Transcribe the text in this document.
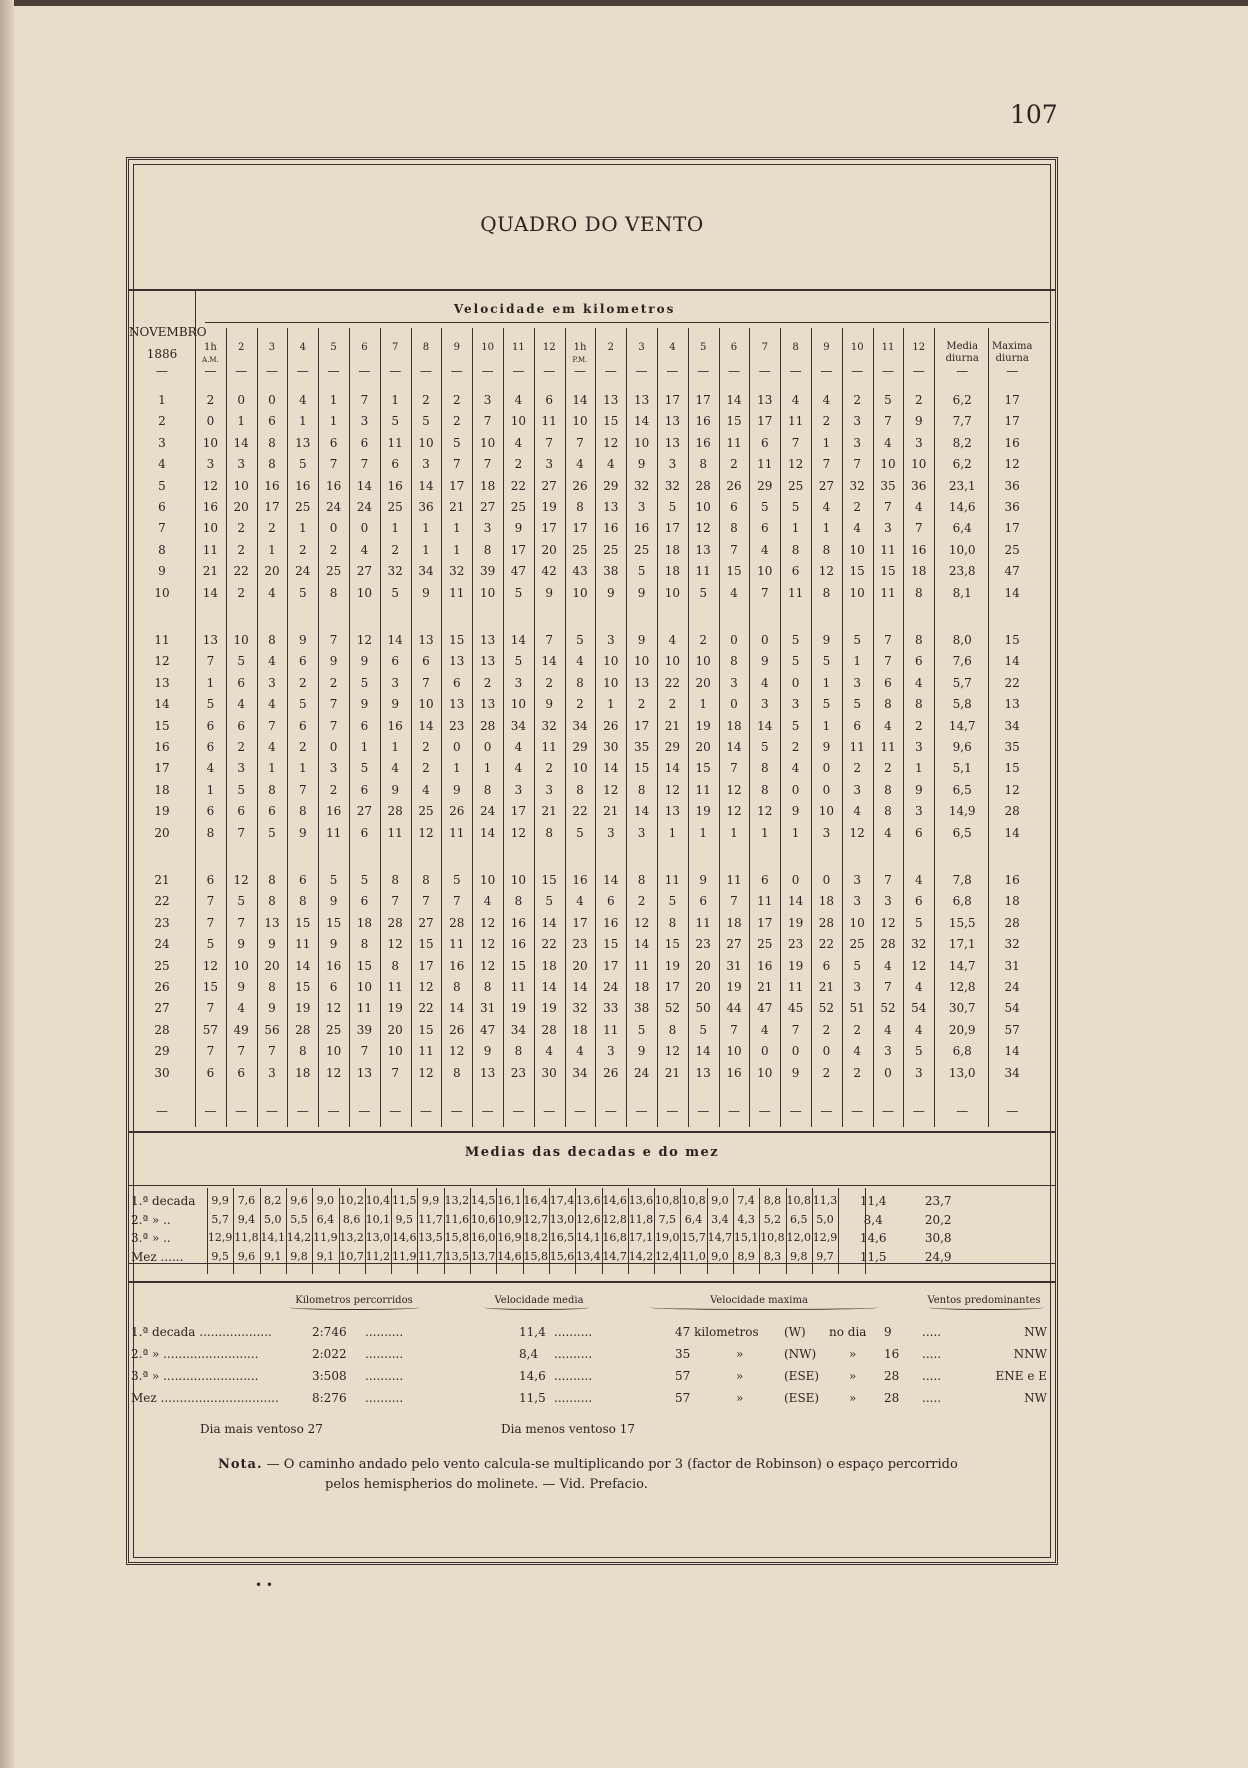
107
QUADRO DO VENTO
NOVEMBRO
1886
Velocidade em kilometros
1h
A.M.
2	3	4	5	6	7	8	9	10	11	12	1h
P.M.
2	3	4	5	6	7	8	9	10	11	12	Media diurna
Maxima diurna
—	—	—	—	—	—	—	—	—	—	—	—	—	—	—	—	—	—	—	—	—	—	—	—	—	—	—
1	2	0	0	4	1	7	1	2	2	3	4	6	14	13	13	17	17	14	13	4	4	2	5	2	6,2	17
2	0	1	6	1	1	3	5	5	2	7	10	11	10	15	14	13	16	15	17	11	2	3	7	9	7,7	17
3	10	14	8	13	6	6	11	10	5	10	4	7	7	12	10	13	16	11	6	7	1	3	4	3	8,2	16
4	3	3	8	5	7	7	6	3	7	7	2	3	4	4	9	3	8	2	11	12	7	7	10	10	6,2	12
5	12	10	16	16	16	14	16	14	17	18	22	27	26	29	32	32	28	26	29	25	27	32	35	36	23,1	36
6	16	20	17	25	24	24	25	36	21	27	25	19	8	13	3	5	10	6	5	5	4	2	7	4	14,6	36
7	10	2	2	1	0	0	1	1	1	3	9	17	17	16	16	17	12	8	6	1	1	4	3	7	6,4	17
8	11	2	1	2	2	4	2	1	1	8	17	20	25	25	25	18	13	7	4	8	8	10	11	16	10,0	25
9	21	22	20	24	25	27	32	34	32	39	47	42	43	38	5	18	11	15	10	6	12	15	15	18	23,8	47
10	14	2	4	5	8	10	5	9	11	10	5	9	10	9	9	10	5	4	7	11	8	10	11	8	8,1	14
11	13	10	8	9	7	12	14	13	15	13	14	7	5	3	9	4	2	0	0	5	9	5	7	8	8,0	15
12	7	5	4	6	9	9	6	6	13	13	5	14	4	10	10	10	10	8	9	5	5	1	7	6	7,6	14
13	1	6	3	2	2	5	3	7	6	2	3	2	8	10	13	22	20	3	4	0	1	3	6	4	5,7	22
14	5	4	4	5	7	9	9	10	13	13	10	9	2	1	2	2	1	0	3	3	5	5	8	8	5,8	13
15	6	6	7	6	7	6	16	14	23	28	34	32	34	26	17	21	19	18	14	5	1	6	4	2	14,7	34
16	6	2	4	2	0	1	1	2	0	0	4	11	29	30	35	29	20	14	5	2	9	11	11	3	9,6	35
17	4	3	1	1	3	5	4	2	1	1	4	2	10	14	15	14	15	7	8	4	0	2	2	1	5,1	15
18	1	5	8	7	2	6	9	4	9	8	3	3	8	12	8	12	11	12	8	0	0	3	8	9	6,5	12
19	6	6	6	8	16	27	28	25	26	24	17	21	22	21	14	13	19	12	12	9	10	4	8	3	14,9	28
20	8	7	5	9	11	6	11	12	11	14	12	8	5	3	3	1	1	1	1	1	3	12	4	6	6,5	14
21	6	12	8	6	5	5	8	8	5	10	10	15	16	14	8	11	9	11	6	0	0	3	7	4	7,8	16
22	7	5	8	8	9	6	7	7	7	4	8	5	4	6	2	5	6	7	11	14	18	3	3	6	6,8	18
23	7	7	13	15	15	18	28	27	28	12	16	14	17	16	12	8	11	18	17	19	28	10	12	5	15,5	28
24	5	9	9	11	9	8	12	15	11	12	16	22	23	15	14	15	23	27	25	23	22	25	28	32	17,1	32
25	12	10	20	14	16	15	8	17	16	12	15	18	20	17	11	19	20	31	16	19	6	5	4	12	14,7	31
26	15	9	8	15	6	10	11	12	8	8	11	14	14	24	18	17	20	19	21	11	21	3	7	4	12,8	24
27	7	4	9	19	12	11	19	22	14	31	19	19	32	33	38	52	50	44	47	45	52	51	52	54	30,7	54
28	57	49	56	28	25	39	20	15	26	47	34	28	18	11	5	8	5	7	4	7	2	2	4	4	20,9	57
29	7	7	7	8	10	7	10	11	12	9	8	4	4	3	9	12	14	10	0	0	0	4	3	5	6,8	14
30	6	6	3	18	12	13	7	12	8	13	23	30	34	26	24	21	13	16	10	9	2	2	0	3	13,0	34
—	—	—	—	—	—	—	—	—	—	—	—	—	—	—	—	—	—	—	—	—	—	—	—	—	—	—
Medias das decadas e do mez
1.ª decada	9,9 7,6 8,2 9,6 9,0 10,2 10,4 11,5 9,9 13,2 14,5 16,1 16,4 17,4 13,6 14,6 13,6 10,8 10,8 9,0 7,4 8,8 10,8 11,3	11,4	23,7
2.ª » ..	5,7 9,4 5,0 5,5 6,4 8,6 10,1 9,5 11,7 11,6 10,6 10,9 12,7 13,0 12,6 12,8 11,8 7,5 6,4 3,4 4,3 5,2 6,5 5,0	8,4	20,2
3.ª » ..	12,9 11,8 14,1 14,2 11,9 13,2 13,0 14,6 13,5 15,8 16,0 16,9 18,2 16,5 14,1 16,8 17,1 19,0 15,7 14,7 15,1 10,8 12,0 12,9	14,6	30,8
Mez ......	9,5 9,6 9,1 9,8 9,1 10,7 11,2 11,9 11,7 13,5 13,7 14,6 15,8 15,6 13,4 14,7 14,2 12,4 11,0 9,0 8,9 8,3 9,8 9,7	11,5	24,9
Kilometros percorridos	Velocidade media	Velocidade maxima	Ventos predominantes
1.ª decada ...................	2:746 ..........	11,4 ..........	47 kilometros (W) no dia 9	.....	NW
2.ª » .........................	2:022 ..........	8,4 ..........	35	»	(NW)	» 16 .....	NNW
3.ª » .........................	3:508 ..........	14,6 ..........	57	»	(ESE) » 28 .....	ENE e E
Mez ...............................	8:276 ..........	11,5 ..........	57	»	(ESE) » 28 .....	NW
Dia mais ventoso 27	Dia menos ventoso 17
Nota. — O caminho andado pelo vento calcula-se multiplicando por 3 (factor de Robinson) o espaço percorrido
pelos hemispherios do molinete. — Vid. Prefacio.
• •
